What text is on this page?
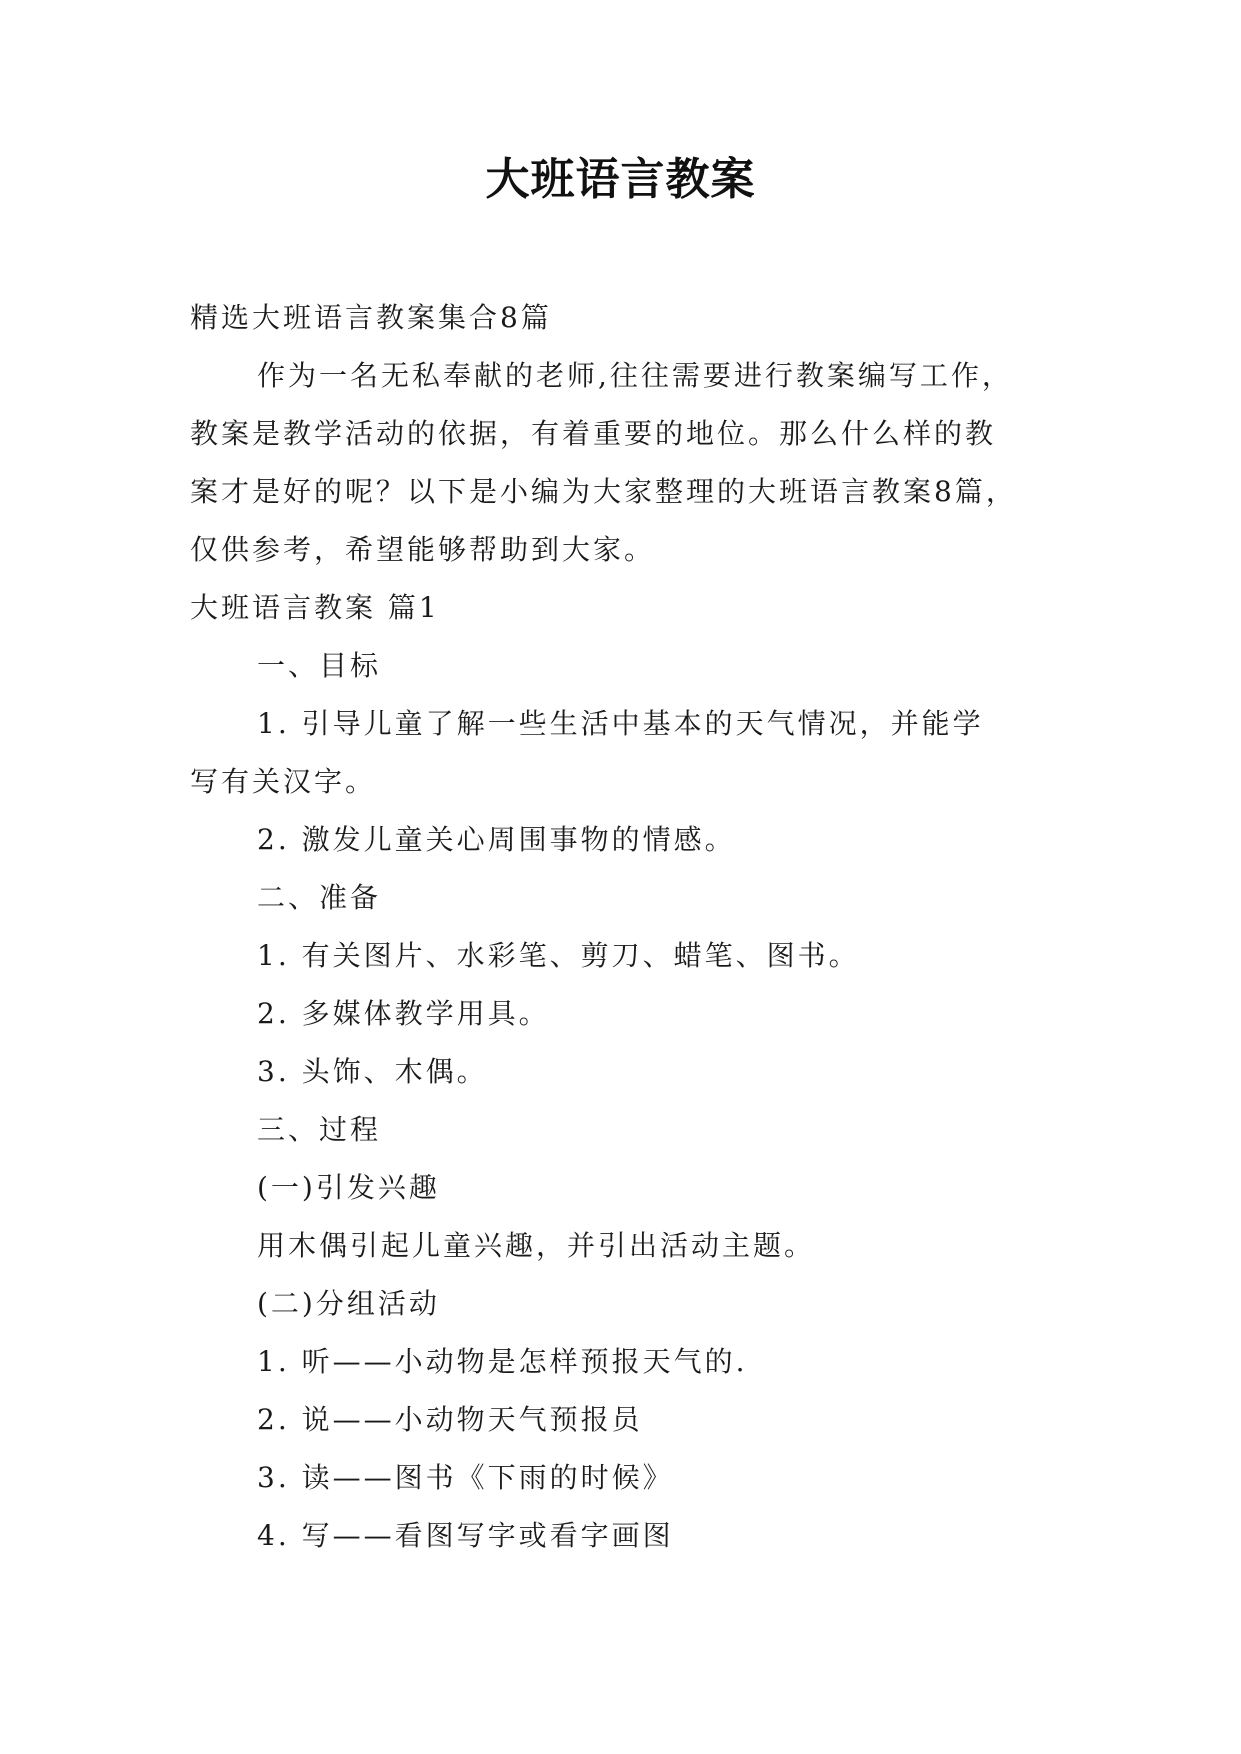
大班语言教案

精选大班语言教案集合8篇

作为一名无私奉献的老师,往往需要进行教案编写工作，

教案是教学活动的依据，有着重要的地位。那么什么样的教

案才是好的呢？以下是小编为大家整理的大班语言教案8篇，

仅供参考，希望能够帮助到大家。

大班语言教案 篇1

一、目标

1. 引导儿童了解一些生活中基本的天气情况，并能学

写有关汉字。

2. 激发儿童关心周围事物的情感。

二、准备

1. 有关图片、水彩笔、剪刀、蜡笔、图书。

2. 多媒体教学用具。

3. 头饰、木偶。

三、过程

(一)引发兴趣

用木偶引起儿童兴趣，并引出活动主题。

(二)分组活动

1. 听——小动物是怎样预报天气的.

2. 说——小动物天气预报员

3. 读——图书《下雨的时候》

4. 写——看图写字或看字画图
